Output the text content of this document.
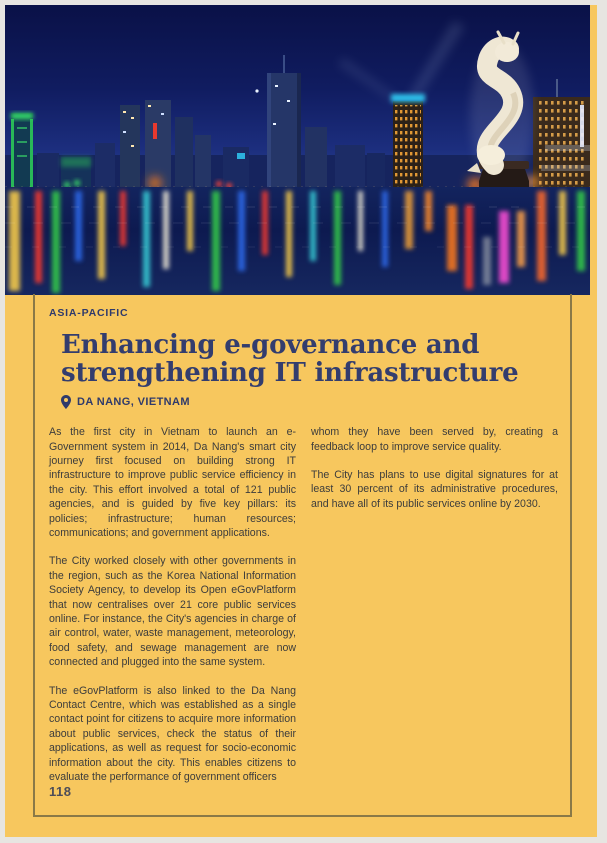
ASIA-PACIFIC
Enhancing e-governance and
strengthening IT infrastructure
DA NANG, VIETNAM

As the first city in Vietnam to launch an e-Government system in 2014, Da Nang's smart city journey first focused on building strong IT infrastructure to improve public service efficiency in the city. This effort involved a total of 121 public agencies, and is guided by five key pillars: its policies; infrastructure; human resources; communications; and government applications.

The City worked closely with other governments in the region, such as the Korea National Information Society Agency, to develop its Open eGovPlatform that now centralises over 21 core public services online. For instance, the City's agencies in charge of air control, water, waste management, meteorology, food safety, and sewage management are now connected and plugged into the same system.

The eGovPlatform is also linked to the Da Nang Contact Centre, which was established as a single contact point for citizens to acquire more information about public services, check the status of their applications, as well as request for socio-economic information about the city. This enables citizens to evaluate the performance of government officers

whom they have been served by, creating a feedback loop to improve service quality.

The City has plans to use digital signatures for at least 30 percent of its administrative procedures, and have all of its public services online by 2030.

118
